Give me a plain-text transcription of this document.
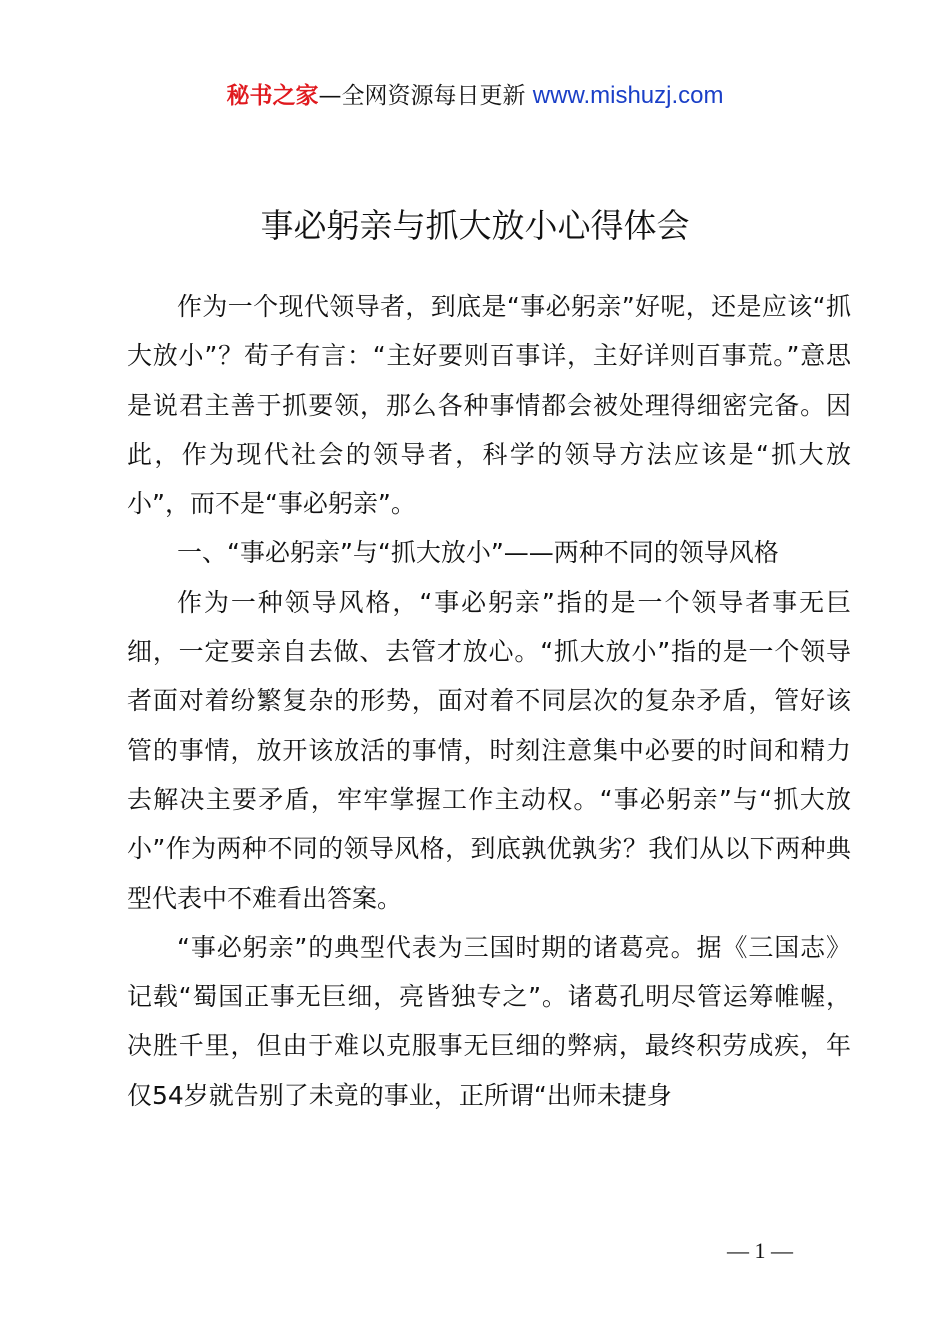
秘书之家—全网资源每日更新 www.mishuzj.com
事必躬亲与抓大放小心得体会

作为一个现代领导者，到底是“事必躬亲”好呢，还是应该“抓大放小”？荀子有言：“主好要则百事详，主好详则百事荒。”意思是说君主善于抓要领，那么各种事情都会被处理得细密完备。因此，作为现代社会的领导者，科学的领导方法应该是“抓大放小”，而不是“事必躬亲”。

一、“事必躬亲”与“抓大放小”——两种不同的领导风格

作为一种领导风格，“事必躬亲”指的是一个领导者事无巨细，一定要亲自去做、去管才放心。“抓大放小”指的是一个领导者面对着纷繁复杂的形势，面对着不同层次的复杂矛盾，管好该管的事情，放开该放活的事情，时刻注意集中必要的时间和精力去解决主要矛盾，牢牢掌握工作主动权。“事必躬亲”与“抓大放小”作为两种不同的领导风格，到底孰优孰劣？我们从以下两种典型代表中不难看出答案。

“事必躬亲”的典型代表为三国时期的诸葛亮。据《三国志》记载“蜀国正事无巨细，亮皆独专之”。诸葛孔明尽管运筹帷幄，决胜千里，但由于难以克服事无巨细的弊病，最终积劳成疾，年仅54岁就告别了未竟的事业，正所谓“出师未捷身

— 1 —
